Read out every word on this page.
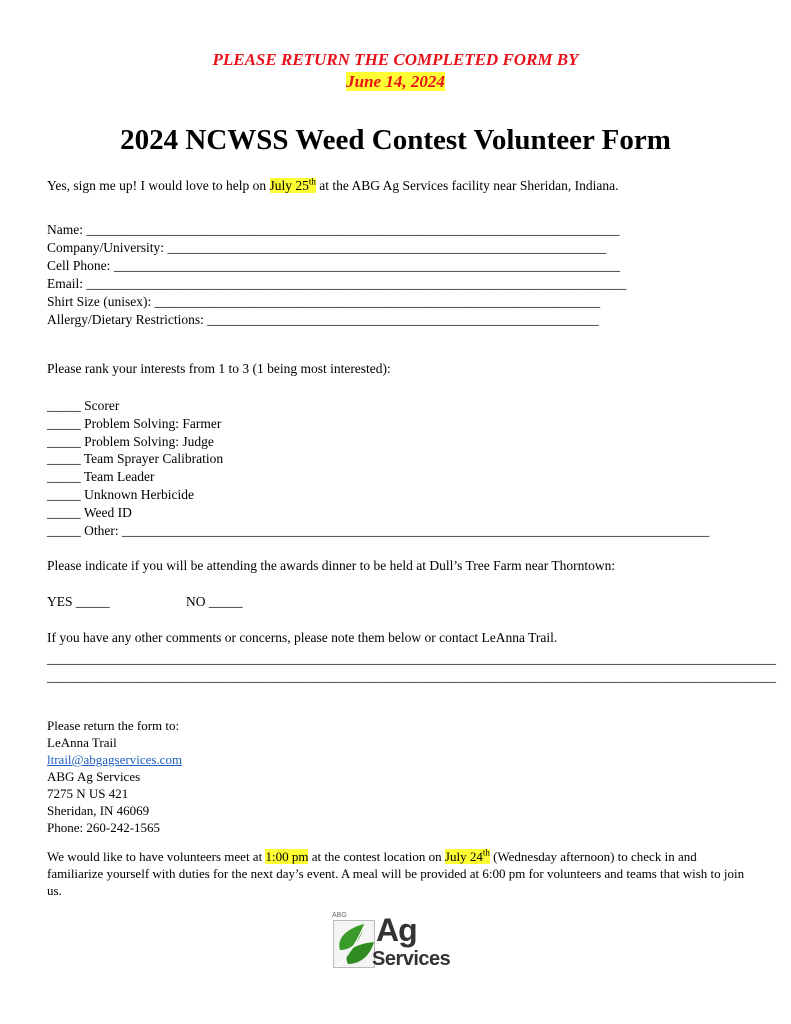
PLEASE RETURN THE COMPLETED FORM BY
June 14, 2024
2024 NCWSS Weed Contest Volunteer Form
Yes, sign me up! I would love to help on July 25th at the ABG Ag Services facility near Sheridan, Indiana.
Name: _______________________________________________________________________________
Company/University: _________________________________________________________________
Cell Phone: ___________________________________________________________________________
Email: ________________________________________________________________________________
Shirt Size (unisex): __________________________________________________________________
Allergy/Dietary Restrictions: __________________________________________________________
Please rank your interests from 1 to 3 (1 being most interested):
_____ Scorer
_____ Problem Solving: Farmer
_____ Problem Solving: Judge
_____ Team Sprayer Calibration
_____ Team Leader
_____ Unknown Herbicide
_____ Weed ID
_____ Other: _______________________________________________________________________________________
Please indicate if you will be attending the awards dinner to be held at Dull’s Tree Farm near Thorntown:
YES _____	NO _____
If you have any other comments or concerns, please note them below or contact LeAnna Trail.
____________________________________________________________________________________________________________
____________________________________________________________________________________________________________
Please return the form to:
LeAnna Trail
ltrail@abgagservices.com
ABG Ag Services
7275 N US 421
Sheridan, IN 46069
Phone: 260-242-1565
We would like to have volunteers meet at 1:00 pm at the contest location on July 24th (Wednesday afternoon) to check in and familiarize yourself with duties for the next day’s event. A meal will be provided at 6:00 pm for volunteers and teams that wish to join us.
ABG Ag
Services
